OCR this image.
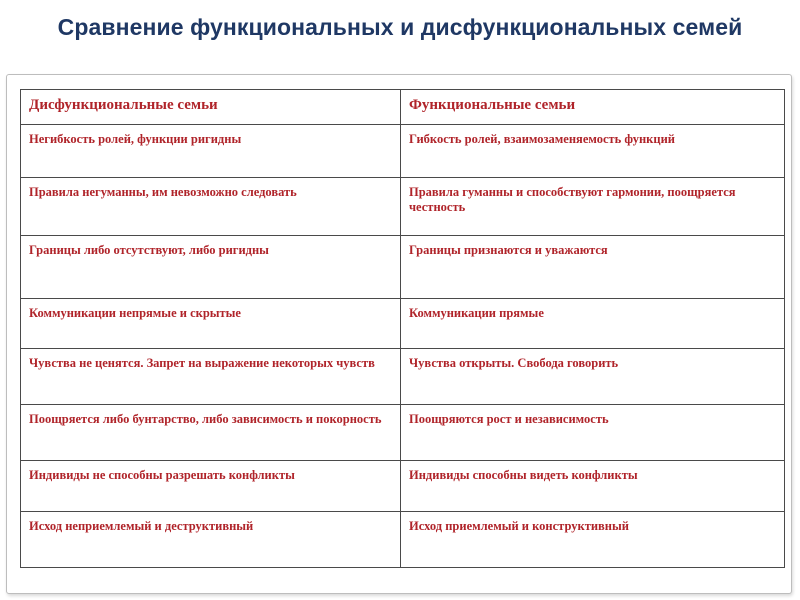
Сравнение функциональных и дисфункциональных семей
Дисфункциональные семьи	Функциональные семьи
Негибкость ролей, функции ригидны	Гибкость ролей, взаимозаменяемость функций
Правила негуманны, им невозможно следовать	Правила гуманны и способствуют гармонии, поощряется честность
Границы либо отсутствуют, либо ригидны	Границы признаются и уважаются
Коммуникации непрямые и скрытые	Коммуникации прямые
Чувства не ценятся. Запрет на выражение некоторых чувств	Чувства открыты. Свобода говорить
Поощряется либо бунтарство, либо зависимость и покорность	Поощряются рост и независимость
Индивиды не способны разрешать конфликты	Индивиды способны видеть конфликты
Исход неприемлемый и деструктивный	Исход приемлемый и конструктивный
